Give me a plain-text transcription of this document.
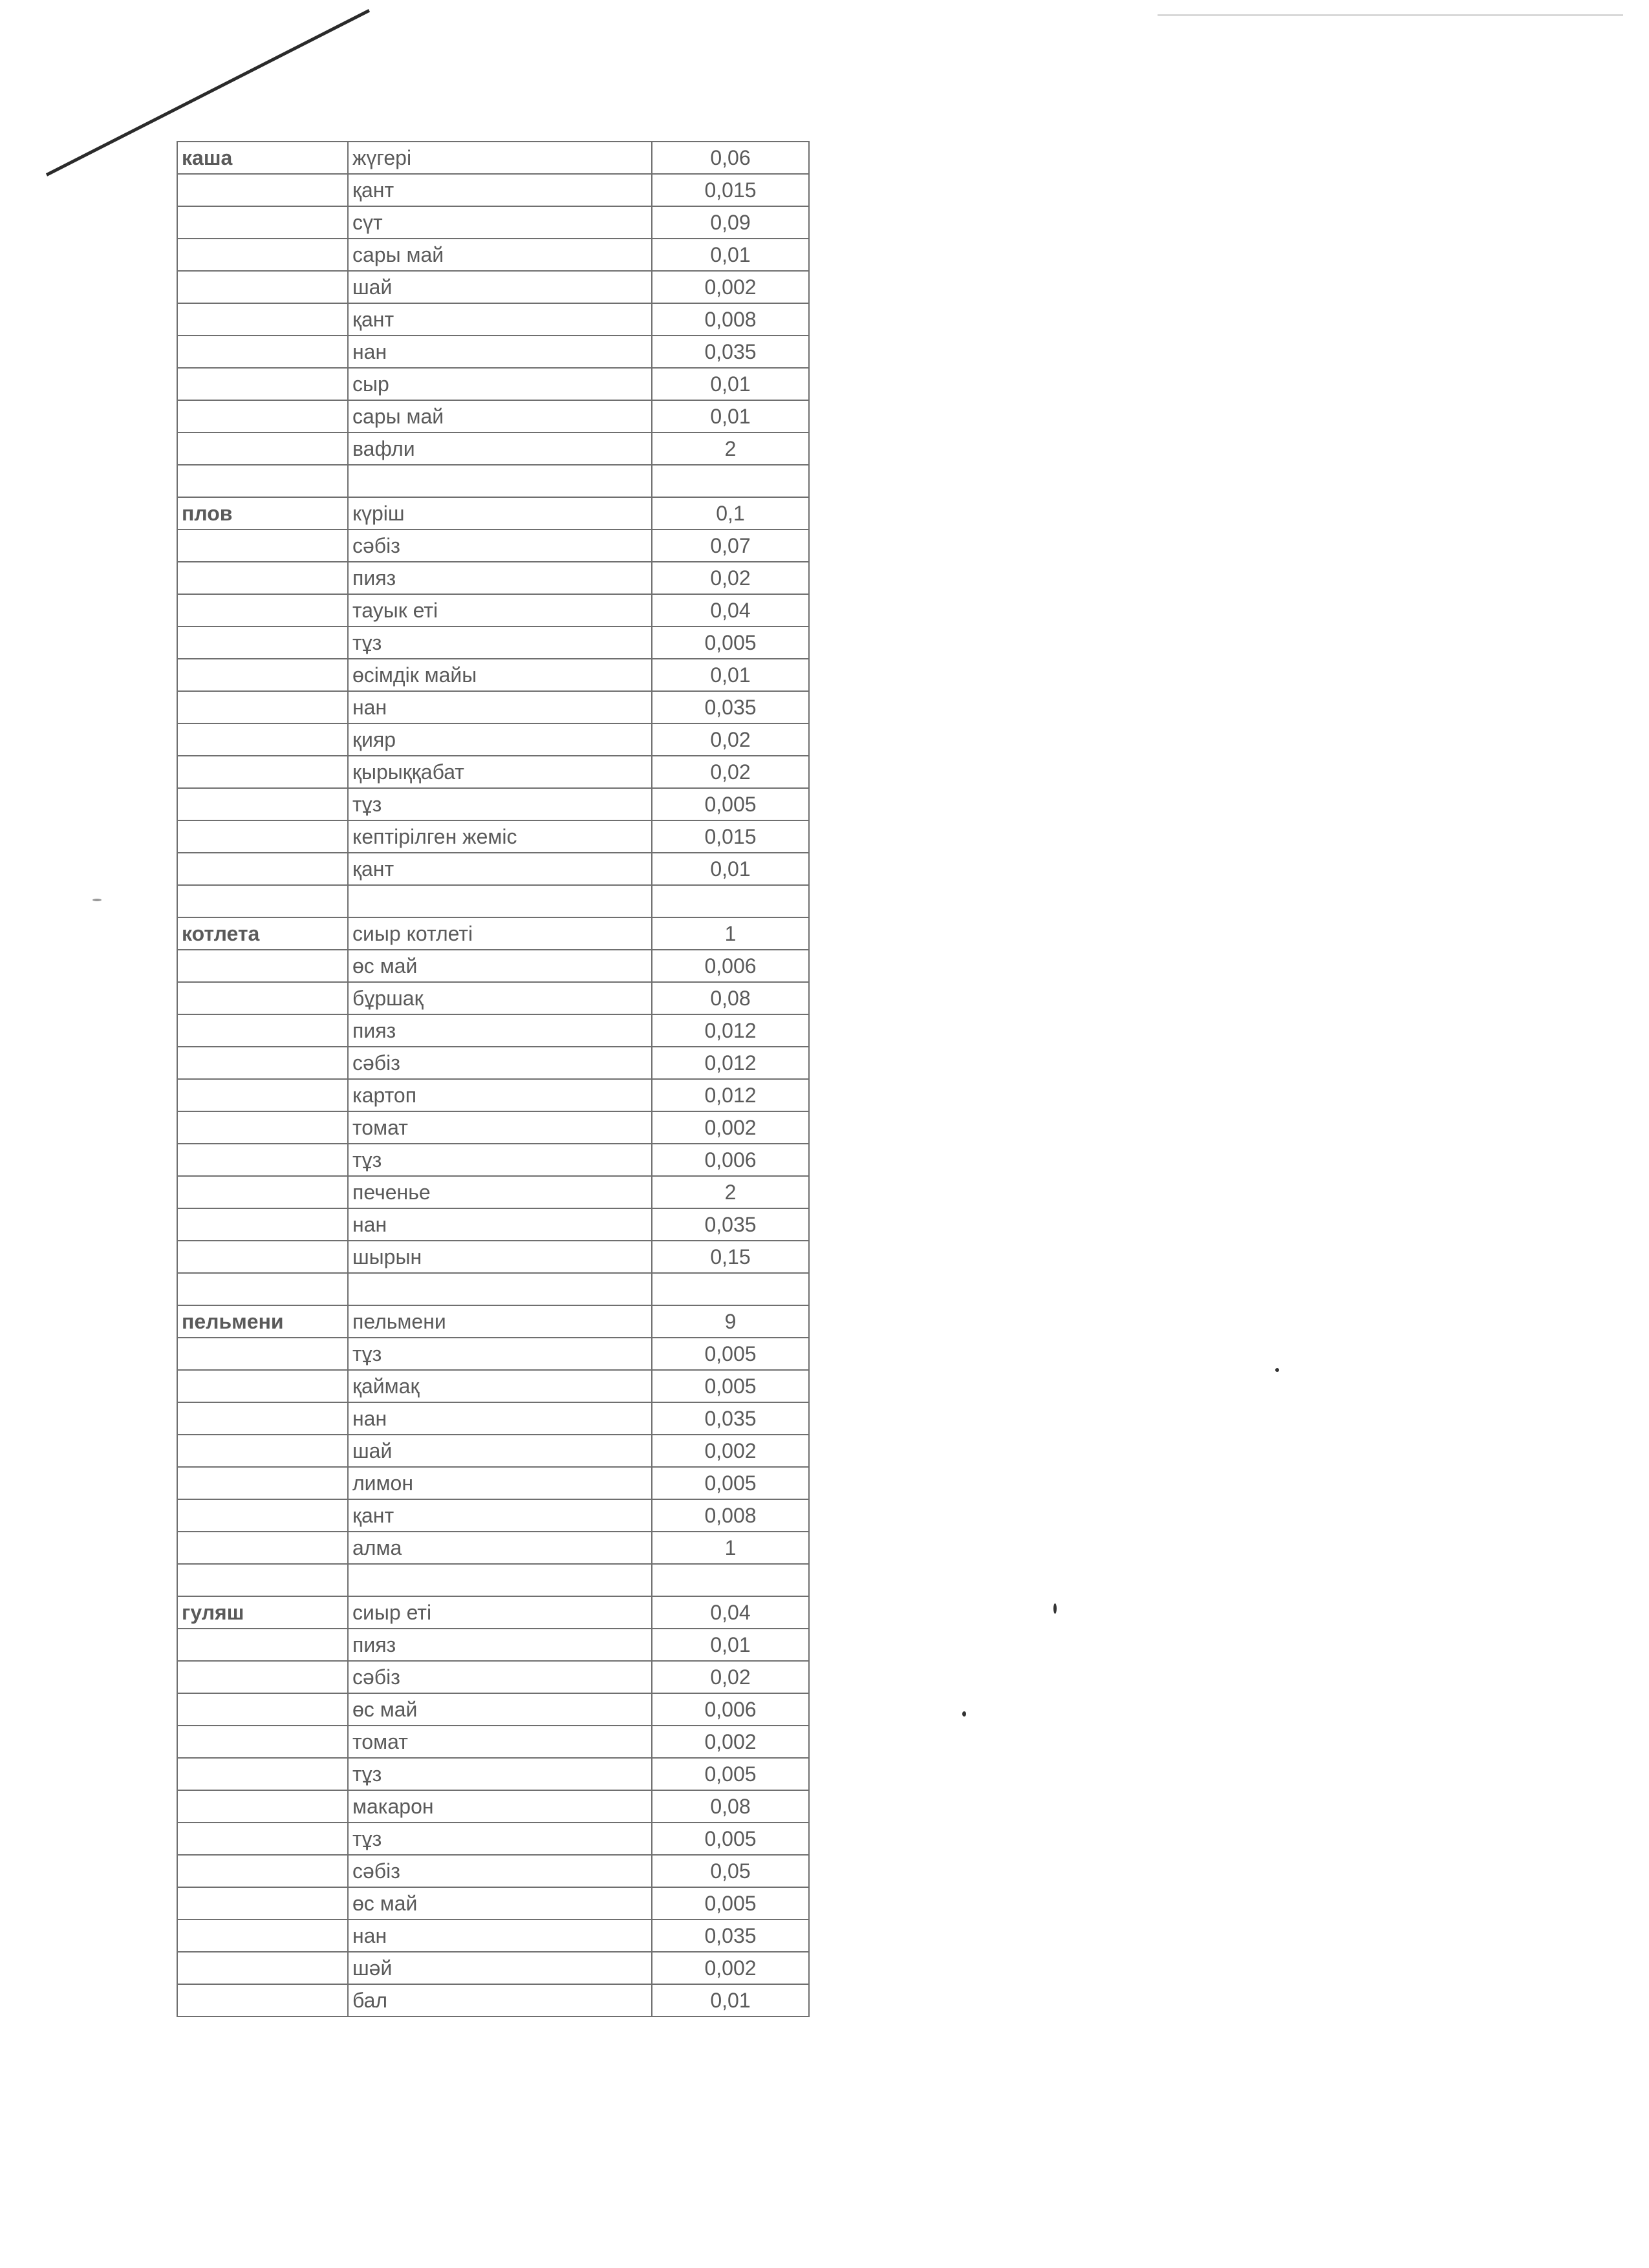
каша	жүгері	0,06
	қант	0,015
	сүт	0,09
	сары май	0,01
	шай	0,002
	қант	0,008
	нан	0,035
	сыр	0,01
	сары май	0,01
	вафли	2

плов	күріш	0,1
	сәбіз	0,07
	пияз	0,02
	тауык еті	0,04
	тұз	0,005
	өсімдік майы	0,01
	нан	0,035
	қияр	0,02
	қырыққабат	0,02
	тұз	0,005
	кептірілген жеміс	0,015
	қант	0,01

котлета	сиыр котлеті	1
	өс май	0,006
	бұршақ	0,08
	пияз	0,012
	сәбіз	0,012
	картоп	0,012
	томат	0,002
	тұз	0,006
	печенье	2
	нан	0,035
	шырын	0,15

пельмени	пельмени	9
	тұз	0,005
	қаймақ	0,005
	нан	0,035
	шай	0,002
	лимон	0,005
	қант	0,008
	алма	1

гуляш	сиыр еті	0,04
	пияз	0,01
	сәбіз	0,02
	өс май	0,006
	томат	0,002
	тұз	0,005
	макарон	0,08
	тұз	0,005
	сәбіз	0,05
	өс май	0,005
	нан	0,035
	шәй	0,002
	бал	0,01
